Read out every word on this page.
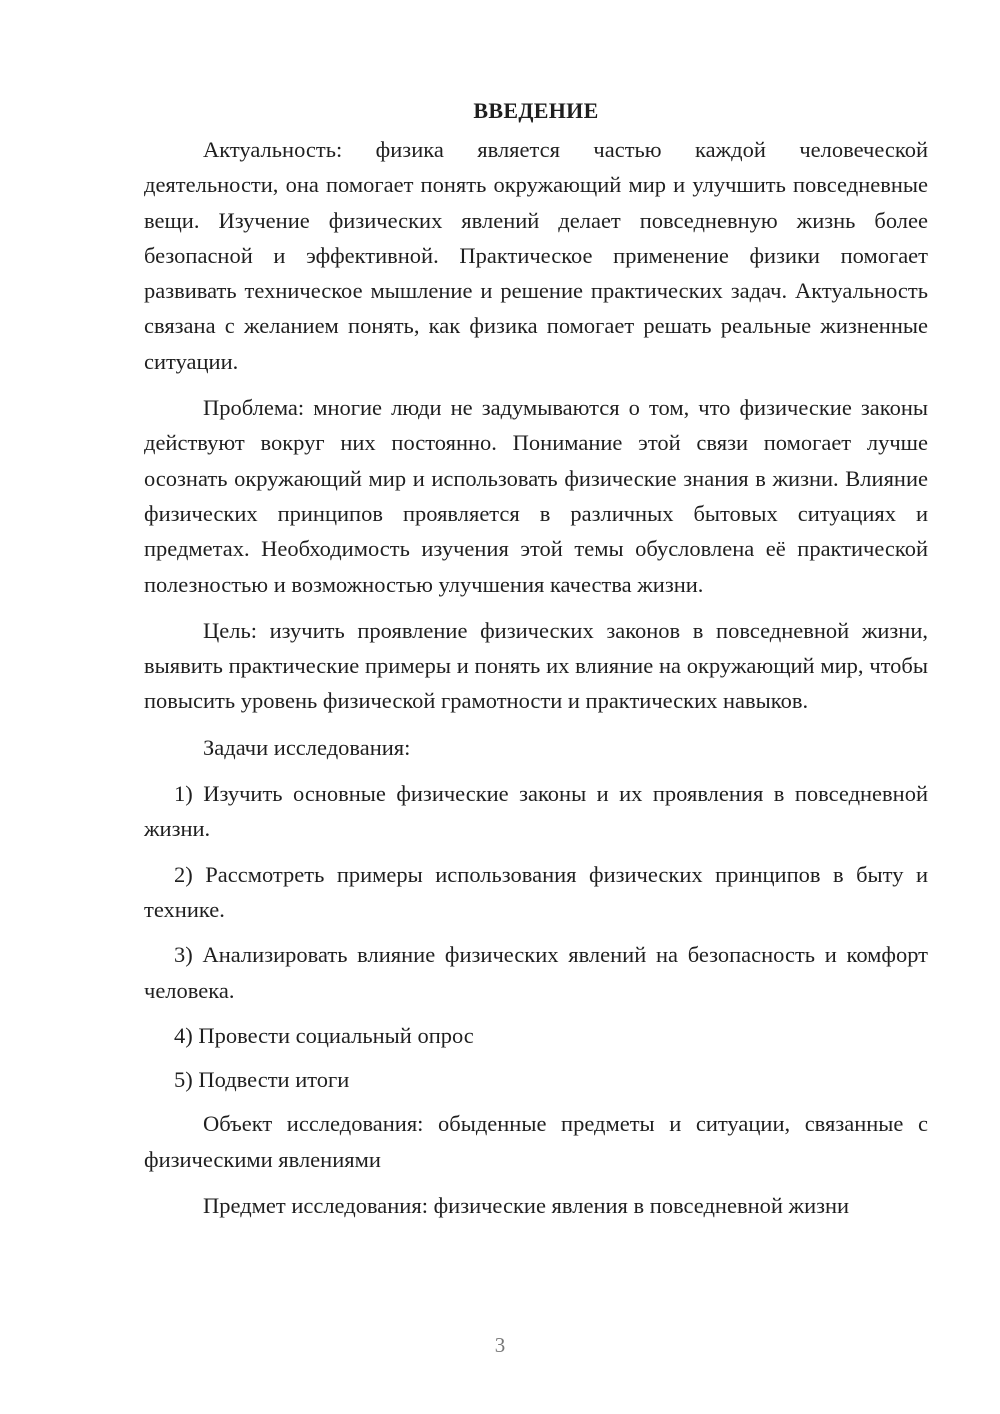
ВВЕДЕНИЕ

Актуальность: физика является частью каждой человеческой деятельности, она помогает понять окружающий мир и улучшить повседневные вещи. Изучение физических явлений делает повседневную жизнь более безопасной и эффективной. Практическое применение физики помогает развивать техническое мышление и решение практических задач. Актуальность связана с желанием понять, как физика помогает решать реальные жизненные ситуации.

Проблема: многие люди не задумываются о том, что физические законы действуют вокруг них постоянно. Понимание этой связи помогает лучше осознать окружающий мир и использовать физические знания в жизни. Влияние физических принципов проявляется в различных бытовых ситуациях и предметах. Необходимость изучения этой темы обусловлена её практической полезностью и возможностью улучшения качества жизни.

Цель: изучить проявление физических законов в повседневной жизни, выявить практические примеры и понять их влияние на окружающий мир, чтобы повысить уровень физической грамотности и практических навыков.

Задачи исследования:

1) Изучить основные физические законы и их проявления в повседневной жизни.

2) Рассмотреть примеры использования физических принципов в быту и технике.

3) Анализировать влияние физических явлений на безопасность и комфорт человека.

4) Провести социальный опрос

5) Подвести итоги

Объект исследования: обыденные предметы и ситуации, связанные с физическими явлениями

Предмет исследования: физические явления в повседневной жизни

3
